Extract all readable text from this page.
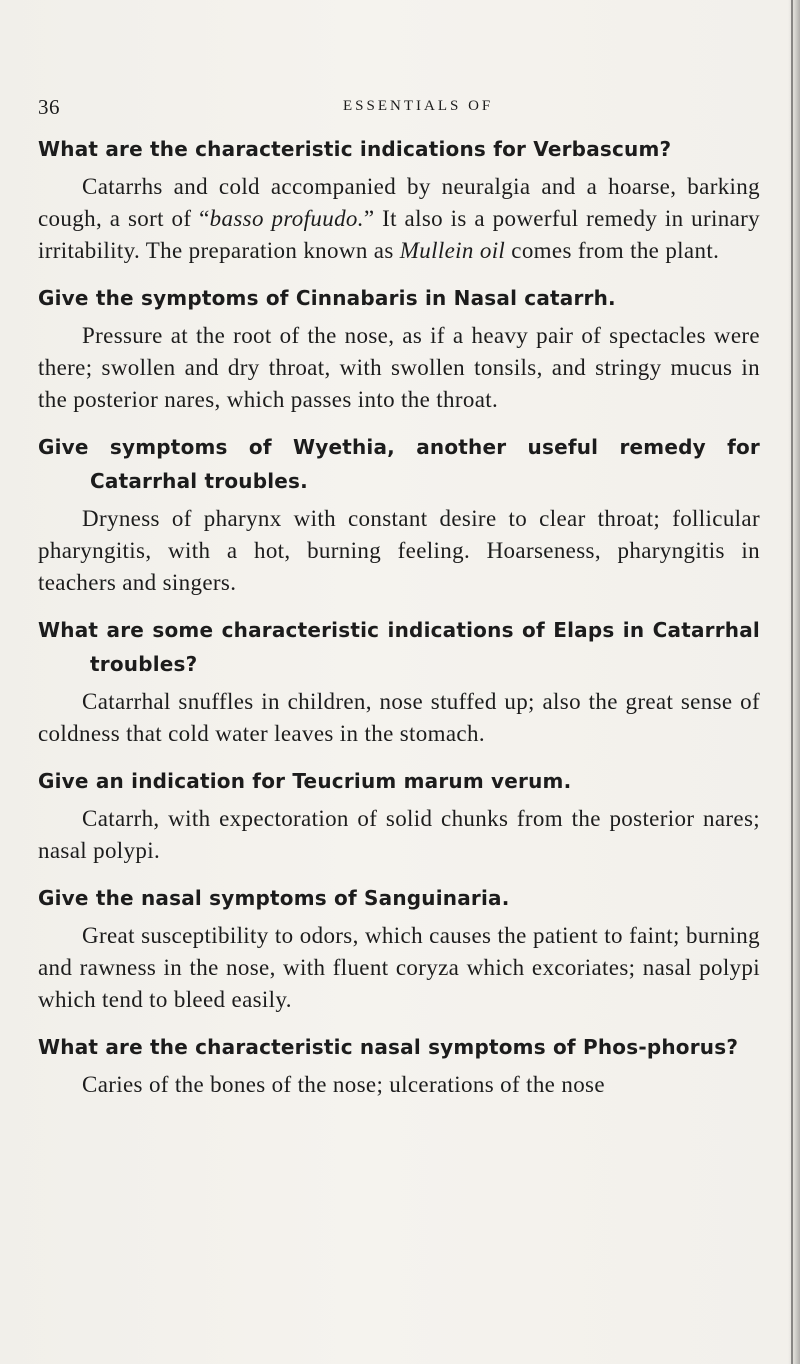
36	ESSENTIALS OF

What are the characteristic indications for Verbascum?

Catarrhs and cold accompanied by neuralgia and a hoarse, barking cough, a sort of “basso profuudo.” It also is a powerful remedy in urinary irritability. The preparation known as Mullein oil comes from the plant.

Give the symptoms of Cinnabaris in Nasal catarrh.

Pressure at the root of the nose, as if a heavy pair of spectacles were there; swollen and dry throat, with swollen tonsils, and stringy mucus in the posterior nares, which passes into the throat.

Give symptoms of Wyethia, another useful remedy for Catarrhal troubles.

Dryness of pharynx with constant desire to clear throat; follicular pharyngitis, with a hot, burning feeling. Hoarseness, pharyngitis in teachers and singers.

What are some characteristic indications of Elaps in Catarrhal troubles?

Catarrhal snuffles in children, nose stuffed up; also the great sense of coldness that cold water leaves in the stomach.

Give an indication for Teucrium marum verum.

Catarrh, with expectoration of solid chunks from the posterior nares; nasal polypi.

Give the nasal symptoms of Sanguinaria.

Great susceptibility to odors, which causes the patient to faint; burning and rawness in the nose, with fluent coryza which excoriates; nasal polypi which tend to bleed easily.

What are the characteristic nasal symptoms of Phos-phorus?

Caries of the bones of the nose; ulcerations of the nose
